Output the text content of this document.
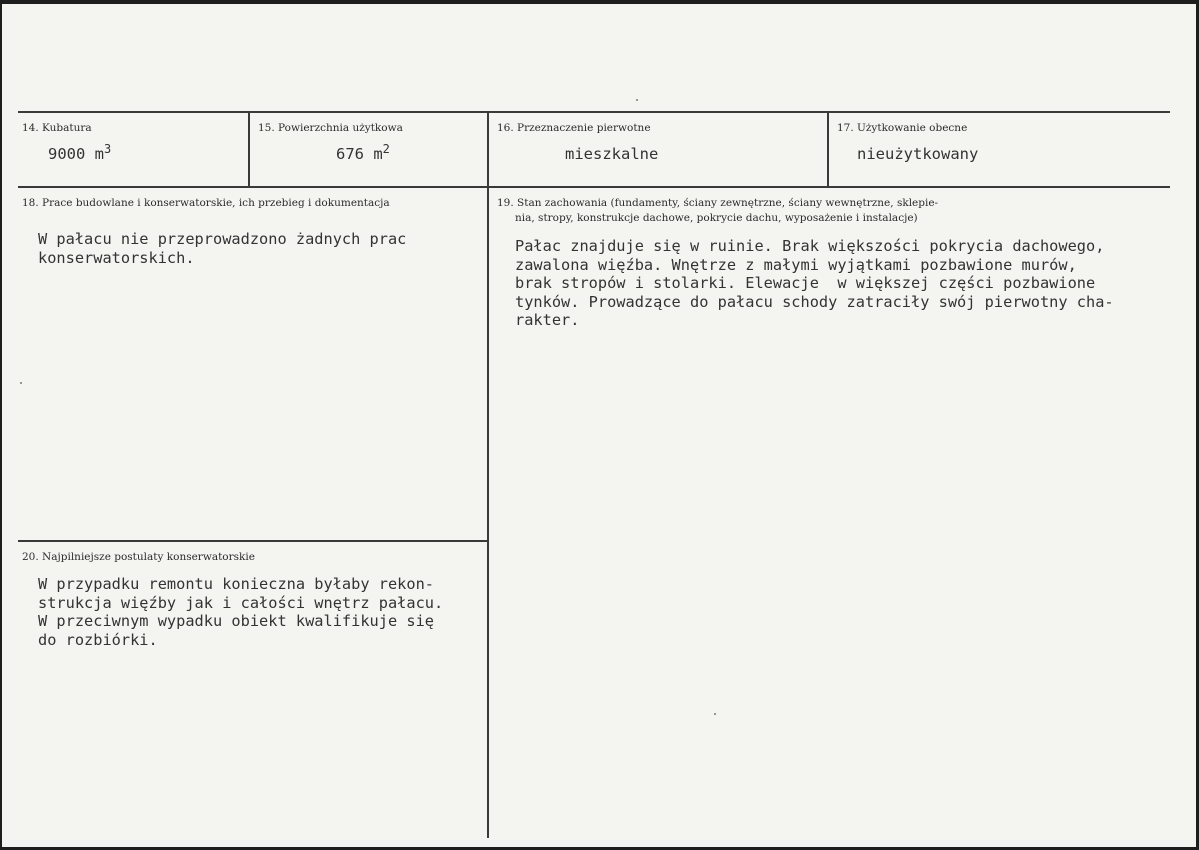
14. Kubatura
9000 $m^3$
15. Powierzchnia użytkowa
676 $m^2$
16. Przeznaczenie pierwotne
mieszkalne
17. Użytkowanie obecne
nieużytkowany
18. Prace budowlane i konserwatorskie, ich przebieg i dokumentacja
W pałacu nie przeprowadzono żadnych prac
konserwatorskich.
19. Stan zachowania (fundamenty, ściany zewnętrzne, ściany wewnętrzne, sklepie-
nia, stropy, konstrukcje dachowe, pokrycie dachu, wyposażenie i instalacje)
Pałac znajduje się w ruinie. Brak większości pokrycia dachowego,
zawalona więźba. Wnętrze z małymi wyjątkami pozbawione murów,
brak stropów i stolarki. Elewacje  w większej części pozbawione
tynków. Prowadzące do pałacu schody zatraciły swój pierwotny cha-
rakter.
20. Najpilniejsze postulaty konserwatorskie
W przypadku remontu konieczna byłaby rekon-
strukcja więźby jak i całości wnętrz pałacu.
W przeciwnym wypadku obiekt kwalifikuje się
do rozbiórki.
